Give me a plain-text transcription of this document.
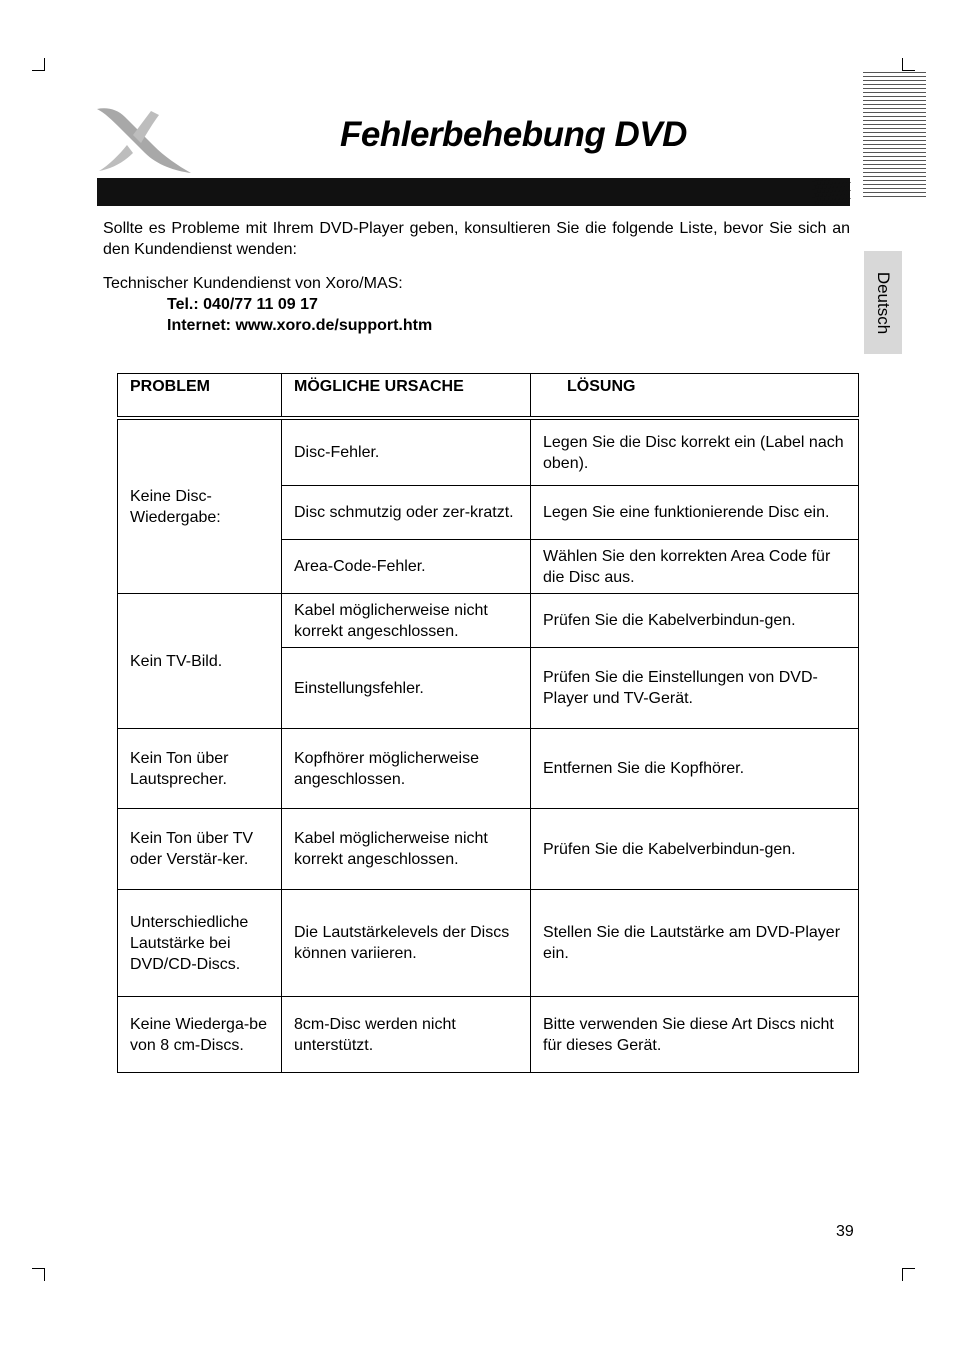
Fehlerbehebung DVD
Deutsch
Sollte es Probleme mit Ihrem DVD-Player geben, konsultieren Sie die folgende Liste, bevor Sie sich an den Kundendienst wenden:
Technischer Kundendienst von Xoro/MAS:
Tel.: 040/77 11 09 17
Internet: www.xoro.de/support.htm
PROBLEM	MÖGLICHE URSACHE	LÖSUNG

Keine Disc-Wiedergabe:	Disc-Fehler.	Legen Sie die Disc korrekt ein (Label nach oben).
	Disc schmutzig oder zer-kratzt.	Legen Sie eine funktionierende Disc ein.
	Area-Code-Fehler.	Wählen Sie den korrekten Area Code für die Disc aus.
Kein TV-Bild.	Kabel möglicherweise nicht korrekt angeschlossen.	Prüfen Sie die Kabelverbindun-gen.
	Einstellungsfehler.	Prüfen Sie die Einstellungen von DVD-Player und TV-Gerät.
Kein Ton über Lautsprecher.	Kopfhörer möglicherweise angeschlossen.	Entfernen Sie die Kopfhörer.
Kein Ton über TV oder Verstär-ker.	Kabel möglicherweise nicht korrekt angeschlossen.	Prüfen Sie die Kabelverbindun-gen.
Unterschiedliche Lautstärke bei DVD/CD-Discs.	Die Lautstärkelevels der Discs können variieren.	Stellen Sie die Lautstärke am DVD-Player ein.
Keine Wiederga-be von 8 cm-Discs.	8cm-Disc werden nicht unterstützt.	Bitte verwenden Sie diese Art Discs nicht für dieses Gerät.
39
